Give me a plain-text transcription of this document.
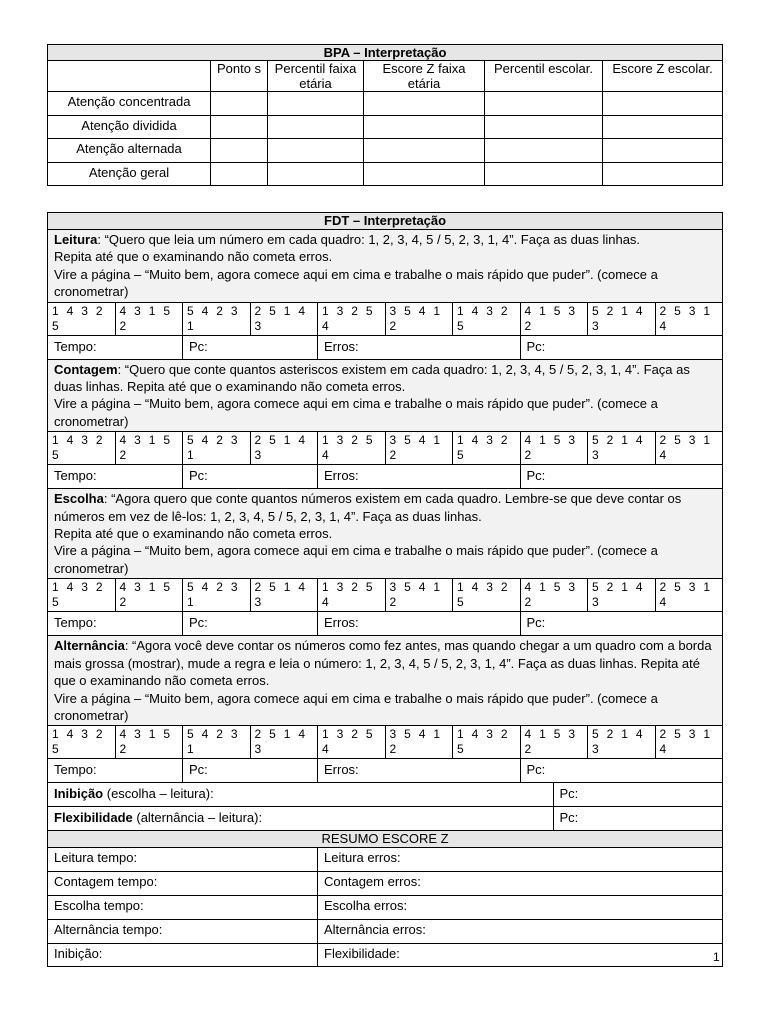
BPA – Interpretação					
	Ponto s	Percentil faixa etária	Escore Z faixa etária	Percentil escolar.	Escore Z escolar.
Atenção concentrada					
Atenção dividida					
Atenção alternada					
Atenção geral					
FDT – Interpretação										

Leitura: “Quero que leia um número em cada quadro: 1, 2, 3, 4, 5 / 5, 2, 3, 1, 4”. Faça as duas linhas.
Repita até que o examinando não cometa erros.
Vire a página – “Muito bem, agora comece aqui em cima e trabalhe o mais rápido que puder”. (comece a cronometrar)										

1 4 3 2 5	4 3 1 5 2	5 4 2 3 1	2 5 1 4 3	1 3 2 5 4	3 5 4 1 2	1 4 3 2 5	4 1 5 3 2		5 2 1 4 3	2 5 3 1 4
Tempo:		Pc:		Erros:			Pc:			

Contagem: “Quero que conte quantos asteriscos existem em cada quadro: 1, 2, 3, 4, 5 / 5, 2, 3, 1, 4”. Faça as duas linhas. Repita até que o examinando não cometa erros.
Vire a página – “Muito bem, agora comece aqui em cima e trabalhe o mais rápido que puder”. (comece a cronometrar)										

1 4 3 2 5	4 3 1 5 2	5 4 2 3 1	2 5 1 4 3	1 3 2 5 4	3 5 4 1 2	1 4 3 2 5	4 1 5 3 2		5 2 1 4 3	2 5 3 1 4
Tempo:		Pc:		Erros:			Pc:			

Escolha: “Agora quero que conte quantos números existem em cada quadro. Lembre-se que deve contar os números em vez de lê-los: 1, 2, 3, 4, 5 / 5, 2, 3, 1, 4”. Faça as duas linhas.
Repita até que o examinando não cometa erros.
Vire a página – “Muito bem, agora comece aqui em cima e trabalhe o mais rápido que puder”. (comece a cronometrar)										

1 4 3 2 5	4 3 1 5 2	5 4 2 3 1	2 5 1 4 3	1 3 2 5 4	3 5 4 1 2	1 4 3 2 5	4 1 5 3 2		5 2 1 4 3	2 5 3 1 4
Tempo:		Pc:		Erros:			Pc:			

Alternância: “Agora você deve contar os números como fez antes, mas quando chegar a um quadro com a borda mais grossa (mostrar), mude a regra e leia o número: 1, 2, 3, 4, 5 / 5, 2, 3, 1, 4”. Faça as duas linhas. Repita até que o examinando não cometa erros.
Vire a página – “Muito bem, agora comece aqui em cima e trabalhe o mais rápido que puder”. (comece a cronometrar)										

1 4 3 2 5	4 3 1 5 2	5 4 2 3 1	2 5 1 4 3	1 3 2 5 4	3 5 4 1 2	1 4 3 2 5	4 1 5 3 2		5 2 1 4 3	2 5 3 1 4
Tempo:		Pc:		Erros:			Pc:			
Inibição (escolha – leitura):								Pc:		
Flexibilidade (alternância – leitura):								Pc:		
RESUMO ESCORE Z										
Leitura tempo:				Leitura erros:						
Contagem tempo:				Contagem erros:						
Escolha tempo:				Escolha erros:						
Alternância tempo:				Alternância erros:						
Inibição:				Flexibilidade:							1
